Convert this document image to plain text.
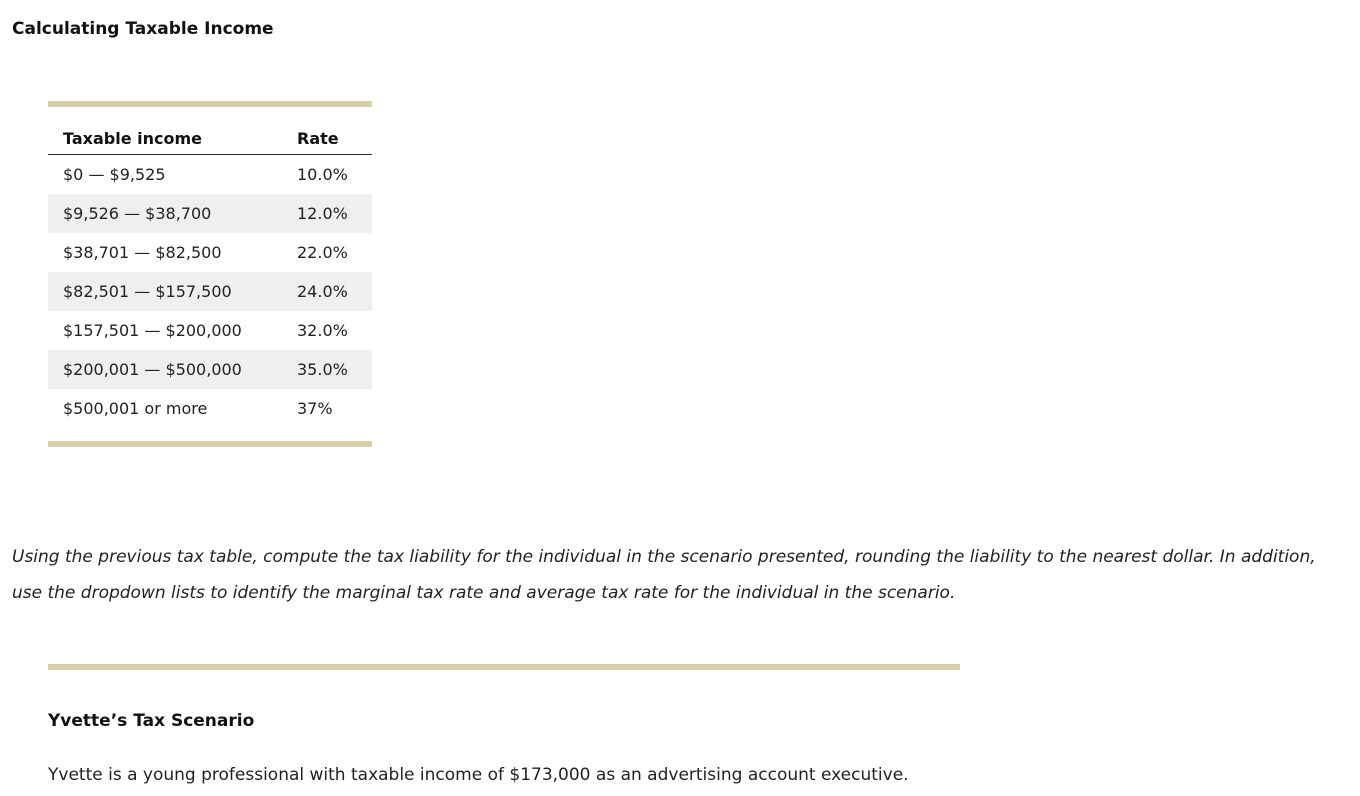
Calculating Taxable Income
Taxable income	Rate
$0 — $9,525	10.0%
$9,526 — $38,700	12.0%
$38,701 — $82,500	22.0%
$82,501 — $157,500	24.0%
$157,501 — $200,000	32.0%
$200,001 — $500,000	35.0%
$500,001 or more	37%

Using the previous tax table, compute the tax liability for the individual in the scenario presented, rounding the liability to the nearest dollar. In addition, use the dropdown lists to identify the marginal tax rate and average tax rate for the individual in the scenario.

Yvette’s Tax Scenario

Yvette is a young professional with taxable income of $173,000 as an advertising account executive.
